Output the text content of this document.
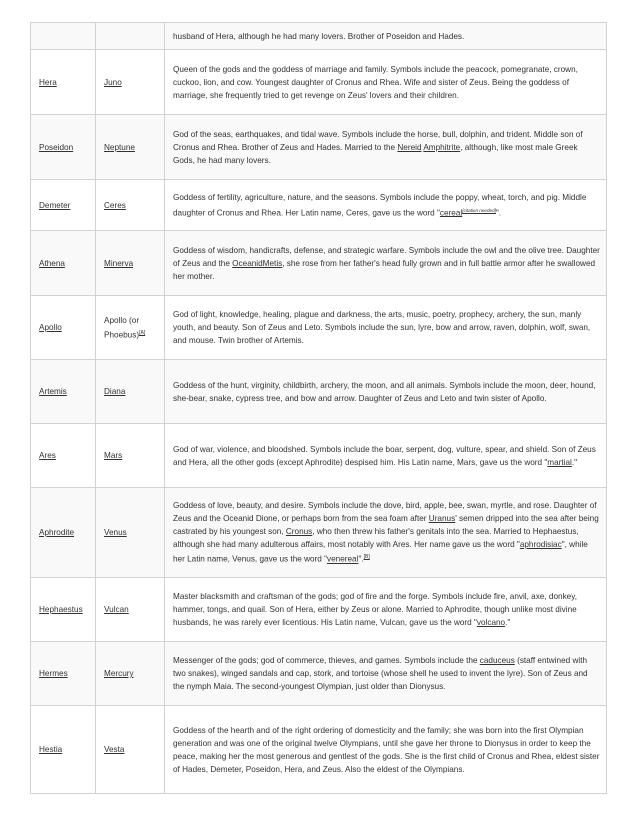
		husband of Hera, although he had many lovers. Brother of Poseidon and Hades.
Hera	Juno	Queen of the gods and the goddess of marriage and family. Symbols include the peacock, pomegranate, crown, cuckoo, lion, and cow. Youngest daughter of Cronus and Rhea. Wife and sister of Zeus. Being the goddess of marriage, she frequently tried to get revenge on Zeus' lovers and their children.
Poseidon	Neptune	God of the seas, earthquakes, and tidal wave. Symbols include the horse, bull, dolphin, and trident. Middle son of Cronus and Rhea. Brother of Zeus and Hades. Married to the Nereid Amphitrite, although, like most male Greek Gods, he had many lovers.
Demeter	Ceres	Goddess of fertility, agriculture, nature, and the seasons. Symbols include the poppy, wheat, torch, and pig. Middle daughter of Cronus and Rhea. Her Latin name, Ceres, gave us the word "cereal[citation needed]".
Athena	Minerva	Goddess of wisdom, handicrafts, defense, and strategic warfare. Symbols include the owl and the olive tree. Daughter of Zeus and the OceanidMetis, she rose from her father's head fully grown and in full battle armor after he swallowed her mother.
Apollo	Apollo (or Phoebus)[A]	God of light, knowledge, healing, plague and darkness, the arts, music, poetry, prophecy, archery, the sun, manly youth, and beauty. Son of Zeus and Leto. Symbols include the sun, lyre, bow and arrow, raven, dolphin, wolf, swan, and mouse. Twin brother of Artemis.
Artemis	Diana	Goddess of the hunt, virginity, childbirth, archery, the moon, and all animals. Symbols include the moon, deer, hound, she-bear, snake, cypress tree, and bow and arrow. Daughter of Zeus and Leto and twin sister of Apollo.
Ares	Mars	God of war, violence, and bloodshed. Symbols include the boar, serpent, dog, vulture, spear, and shield. Son of Zeus and Hera, all the other gods (except Aphrodite) despised him. His Latin name, Mars, gave us the word "martial."
Aphrodite	Venus	Goddess of love, beauty, and desire. Symbols include the dove, bird, apple, bee, swan, myrtle, and rose. Daughter of Zeus and the Oceanid Dione, or perhaps born from the sea foam after Uranus' semen dripped into the sea after being castrated by his youngest son, Cronus, who then threw his father's genitals into the sea. Married to Hephaestus, although she had many adulterous affairs, most notably with Ares. Her name gave us the word "aphrodisiac", while her Latin name, Venus, gave us the word "venereal".[B]
Hephaestus	Vulcan	Master blacksmith and craftsman of the gods; god of fire and the forge. Symbols include fire, anvil, axe, donkey, hammer, tongs, and quail. Son of Hera, either by Zeus or alone. Married to Aphrodite, though unlike most divine husbands, he was rarely ever licentious. His Latin name, Vulcan, gave us the word "volcano."
Hermes	Mercury	Messenger of the gods; god of commerce, thieves, and games. Symbols include the caduceus (staff entwined with two snakes), winged sandals and cap, stork, and tortoise (whose shell he used to invent the lyre). Son of Zeus and the nymph Maia. The second-youngest Olympian, just older than Dionysus.
Hestia	Vesta	Goddess of the hearth and of the right ordering of domesticity and the family; she was born into the first Olympian generation and was one of the original twelve Olympians, until she gave her throne to Dionysus in order to keep the peace, making her the most generous and gentlest of the gods. She is the first child of Cronus and Rhea, eldest sister of Hades, Demeter, Poseidon, Hera, and Zeus. Also the eldest of the Olympians.
